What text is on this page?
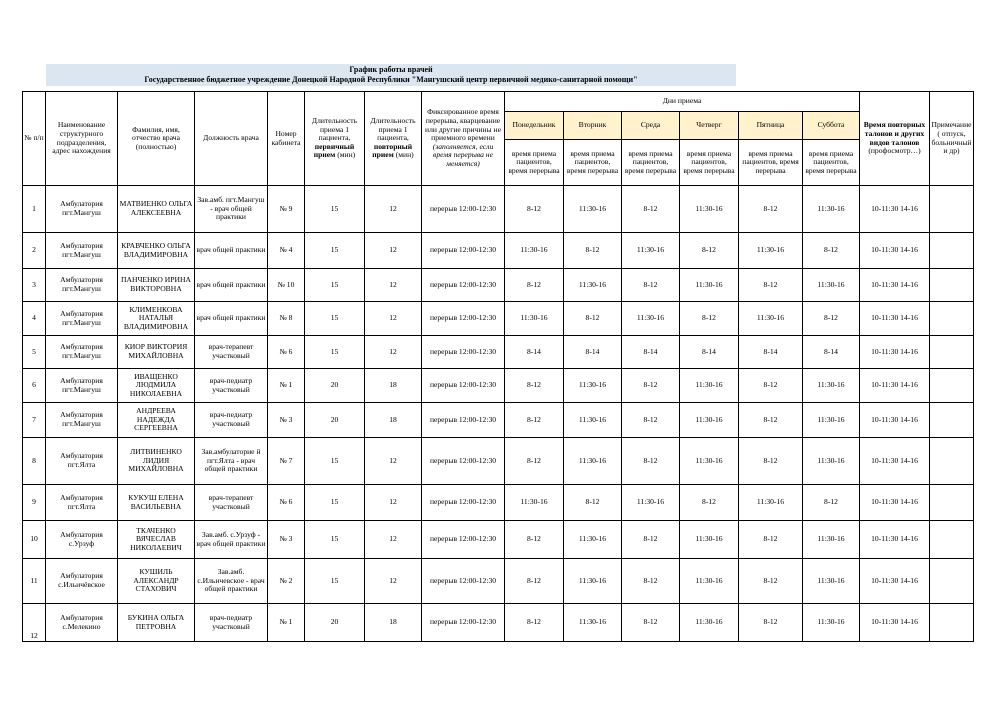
График работы врачей
Государственное бюджетное учреждение Донецкой Народной Республики "Мангушский центр первичной медико-санитарной помощи"
№ п/п	Наименование структурного подразделения, адрес нахождения	Фамилия, имя, отчество врача (полностью)	Должность врача	Номер кабинета	Длительность приема 1 пациента, первичный прием (мин)	Длительность приема 1 пациента, повторный прием (мин)	Фиксированное время перерыва, кварцевание или другие причины не приемного времени (заполняется, если время перерыва не меняется)	Дни приема						Время повторных талонов и других видов талонов (профосмотр…)	Примечание ( отпуск, больничный и др)
								Понедельник	Вторник	Среда	Четверг	Пятница	Суббота		
								время приема пациентов, время перерыва	время приема пациентов, время перерыва	время приема пациентов, время перерыва	время приема пациентов, время перерыва	время приема пациентов, время перерыва	время приема пациентов, время перерыва		
1	Амбулатория пгт.Мангуш	МАТВИЕНКО ОЛЬГА АЛЕКСЕЕВНА	Зав.амб. пгт.Мангуш - врач общей практики	№ 9	15	12	перерыв 12:00-12:30	8-12	11:30-16	8-12	11:30-16	8-12	11:30-16	10-11:30 14-16	
2	Амбулатория пгт.Мангуш	КРАВЧЕНКО ОЛЬГА ВЛАДИМИРОВНА	врач общей практики	№ 4	15	12	перерыв 12:00-12:30	11:30-16	8-12	11:30-16	8-12	11:30-16	8-12	10-11:30 14-16	
3	Амбулатория пгт.Мангуш	ПАНЧЕНКО ИРИНА ВИКТОРОВНА	врач общей практики	№ 10	15	12	перерыв 12:00-12:30	8-12	11:30-16	8-12	11:30-16	8-12	11:30-16	10-11:30 14-16	
4	Амбулатория пгт.Мангуш	КЛИМЕНКОВА НАТАЛЬЯ ВЛАДИМИРОВНА	врач общей практики	№ 8	15	12	перерыв 12:00-12:30	11:30-16	8-12	11:30-16	8-12	11:30-16	8-12	10-11:30 14-16	
5	Амбулатория пгт.Мангуш	КИОР ВИКТОРИЯ МИХАЙЛОВНА	врач-терапевт участковый	№ 6	15	12	перерыв 12:00-12:30	8-14	8-14	8-14	8-14	8-14	8-14	10-11:30 14-16	
6	Амбулатория пгт.Мангуш	ИВАЩЕНКО ЛЮДМИЛА НИКОЛАЕВНА	врач-педиатр участковый	№ 1	20	18	перерыв 12:00-12:30	8-12	11:30-16	8-12	11:30-16	8-12	11:30-16	10-11:30 14-16	
7	Амбулатория пгт.Мангуш	АНДРЕЕВА НАДЕЖДА СЕРГЕЕВНА	врач-педиатр участковый	№ 3	20	18	перерыв 12:00-12:30	8-12	11:30-16	8-12	11:30-16	8-12	11:30-16	10-11:30 14-16	
8	Амбулатория пгт.Ялта	ЛИТВИНЕНКО ЛИДИЯ МИХАЙЛОВНА	Зав.амбулаторие й пгт.Ялта - врач общей практики	№ 7	15	12	перерыв 12:00-12:30	8-12	11:30-16	8-12	11:30-16	8-12	11:30-16	10-11:30 14-16	
9	Амбулатория пгт.Ялта	КУКУШ ЕЛЕНА ВАСИЛЬЕВНА	врач-терапевт участковый	№ 6	15	12	перерыв 12:00-12:30	11:30-16	8-12	11:30-16	8-12	11:30-16	8-12	10-11:30 14-16	
10	Амбулатория с.Урзуф	ТКАЧЕНКО ВЯЧЕСЛАВ НИКОЛАЕВИЧ	Зав.амб. с.Урзуф - врач общей практики	№ 3	15	12	перерыв 12:00-12:30	8-12	11:30-16	8-12	11:30-16	8-12	11:30-16	10-11:30 14-16	
11	Амбулатория с.Ильичёвское	КУШИЛЬ АЛЕКСАНДР СТАХОВИЧ	Зав.амб. с.Ильичевское - врач общей практики	№ 2	15	12	перерыв 12:00-12:30	8-12	11:30-16	8-12	11:30-16	8-12	11:30-16	10-11:30 14-16	
12	Амбулатория с.Мелекино	БУКИНА ОЛЬГА ПЕТРОВНА	врач-педиатр участковый	№ 1	20	18	перерыв 12:00-12:30	8-12	11:30-16	8-12	11:30-16	8-12	11:30-16	10-11:30 14-16	
